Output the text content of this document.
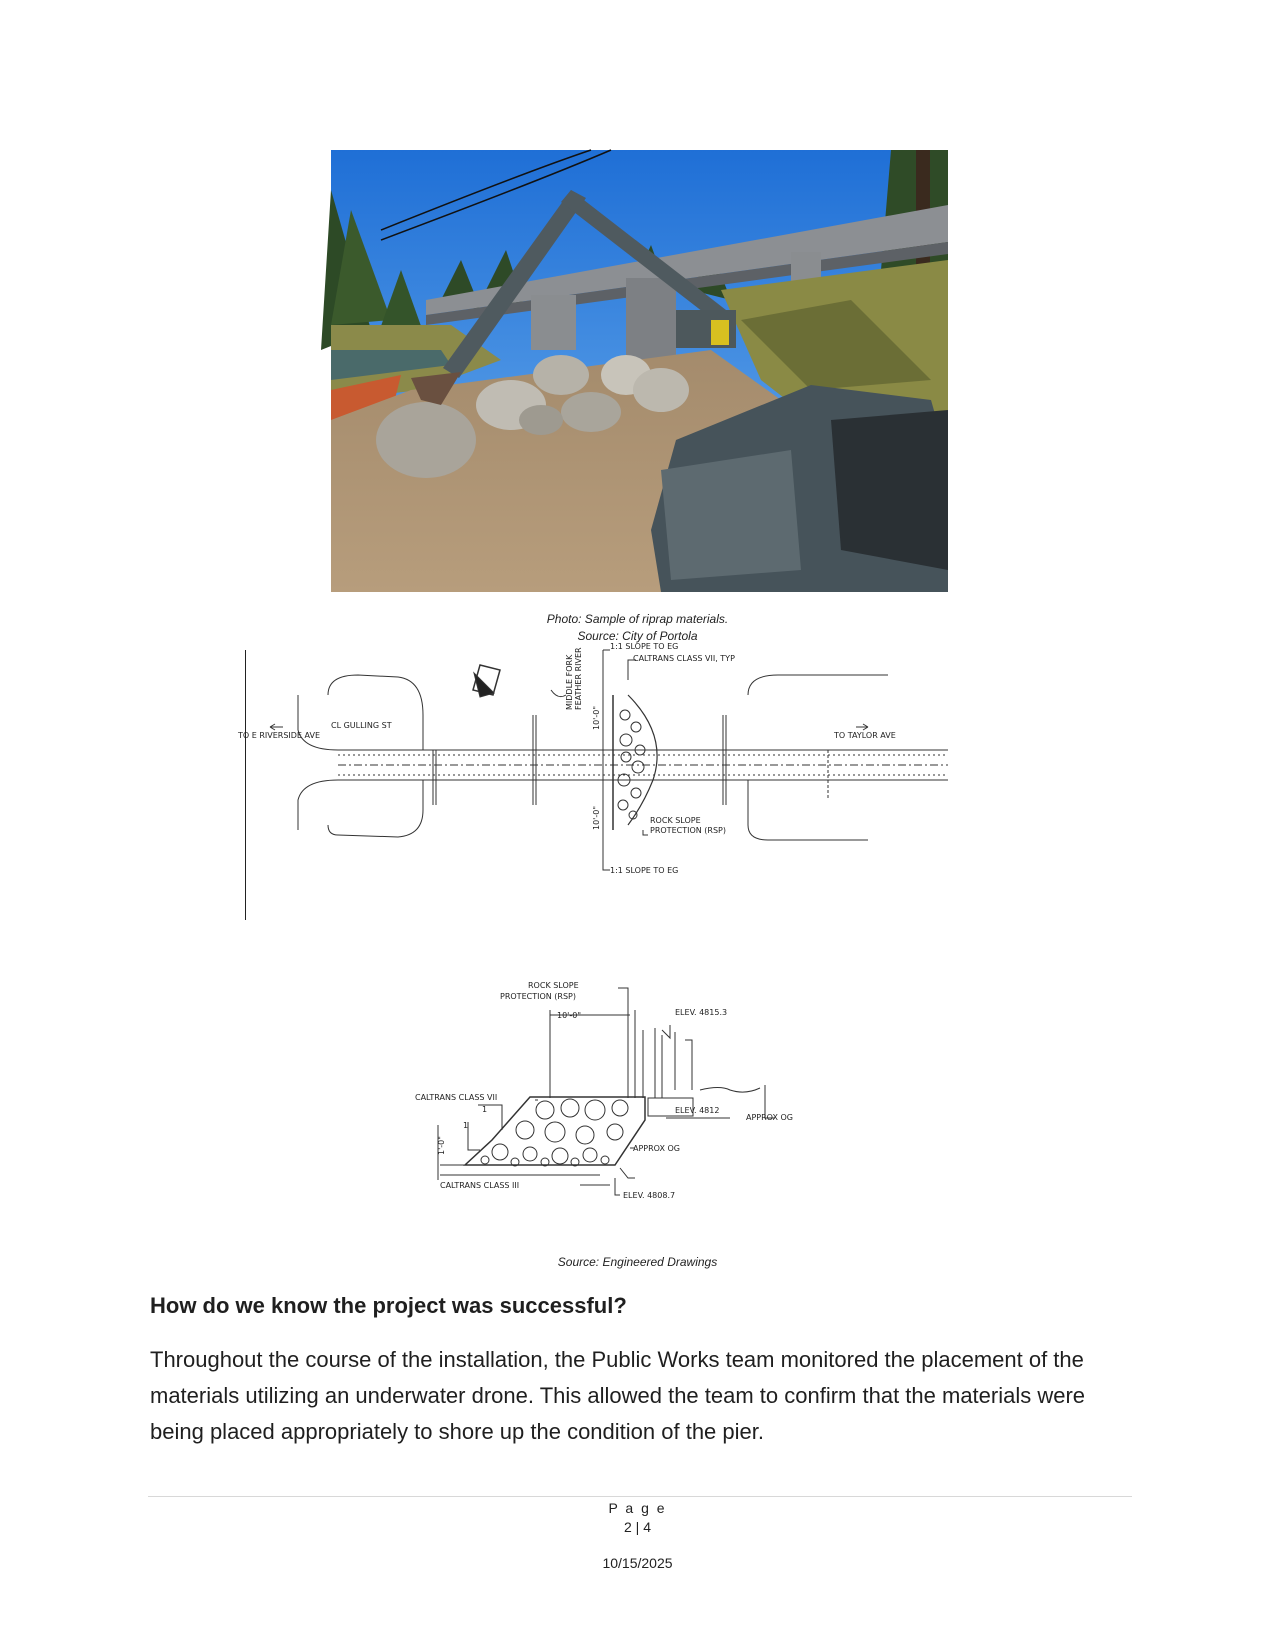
Photo: Sample of riprap materials.
Source: City of Portola
1:1 SLOPE TO EG
CALTRANS CLASS VII, TYP
MIDDLE FORK FEATHER RIVER
10'-0"
10'-0"
TO E RIVERSIDE AVE
CL GULLING ST
TO TAYLOR AVE
ROCK SLOPE
PROTECTION (RSP)
1:1 SLOPE TO EG
ROCK SLOPE
PROTECTION (RSP)
10'-0"	ELEV. 4815.3
CALTRANS CLASS VII
1
1
ELEV. 4812
APPROX OG
1'-0"	APPROX OG
CALTRANS CLASS III
ELEV. 4808.7
Source: Engineered Drawings
How do we know the project was successful?
Throughout the course of the installation, the Public Works team monitored the placement of the materials utilizing an underwater drone. This allowed the team to confirm that the materials were being placed appropriately to shore up the condition of the pier.
P a g e
2 | 4
10/15/2025
